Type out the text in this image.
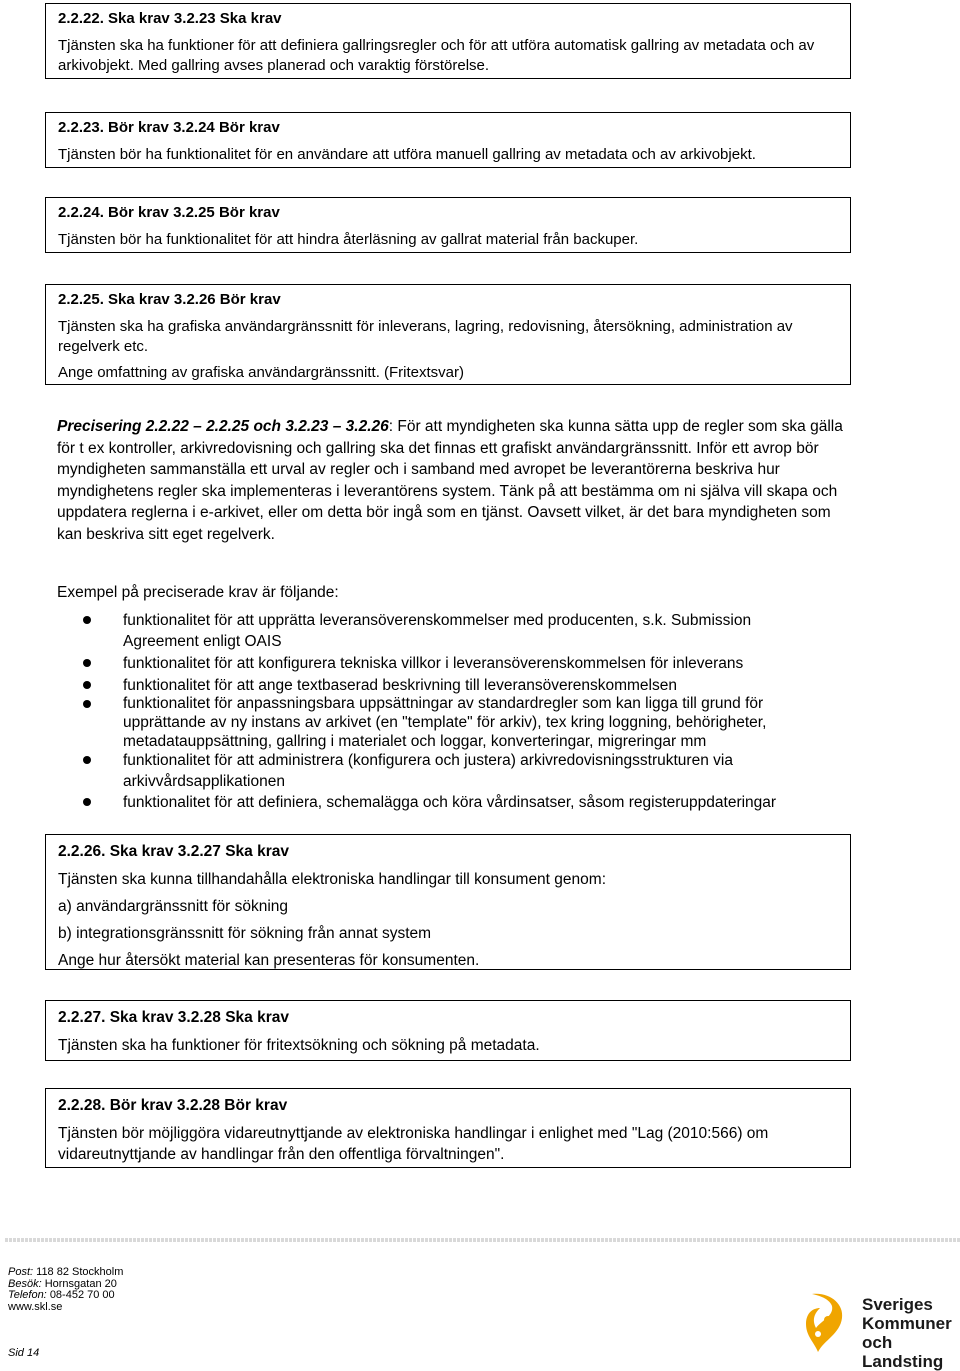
2.2.22. Ska krav 3.2.23 Ska krav

Tjänsten ska ha funktioner för att definiera gallringsregler och för att utföra automatisk gallring av metadata och av arkivobjekt. Med gallring avses planerad och varaktig förstörelse.

2.2.23. Bör krav 3.2.24 Bör krav

Tjänsten bör ha funktionalitet för en användare att utföra manuell gallring av metadata och av arkivobjekt.

2.2.24. Bör krav 3.2.25 Bör krav

Tjänsten bör ha funktionalitet för att hindra återläsning av gallrat material från backuper.

2.2.25. Ska krav 3.2.26 Bör krav

Tjänsten ska ha grafiska användargränssnitt för inleverans, lagring, redovisning, återsökning, administration av regelverk etc.

Ange omfattning av grafiska användargränssnitt. (Fritextsvar)

Precisering 2.2.22 – 2.2.25 och 3.2.23 – 3.2.26: För att myndigheten ska kunna sätta upp de regler som ska gälla för t ex kontroller, arkivredovisning och gallring ska det finnas ett grafiskt användargränssnitt. Inför ett avrop bör myndigheten sammanställa ett urval av regler och i samband med avropet be leverantörerna beskriva hur myndighetens regler ska implementeras i leverantörens system. Tänk på att bestämma om ni själva vill skapa och uppdatera reglerna i e-arkivet, eller om detta bör ingå som en tjänst. Oavsett vilket, är det bara myndigheten som kan beskriva sitt eget regelverk.
Exempel på preciserade krav är följande:
funktionalitet för att upprätta leveransöverenskommelser med producenten, s.k. Submission Agreement enligt OAIS
funktionalitet för att konfigurera tekniska villkor i leveransöverenskommelsen för inleverans
funktionalitet för att ange textbaserad beskrivning till leveransöverenskommelsen
funktionalitet för anpassningsbara uppsättningar av standardregler som kan ligga till grund för upprättande av ny instans av arkivet (en "template" för arkiv), tex kring loggning, behörigheter, metadatauppsättning, gallring i materialet och loggar, konverteringar, migreringar mm
funktionalitet för att administrera (konfigurera och justera) arkivredovisningsstrukturen via arkivvårdsapplikationen
funktionalitet för att definiera, schemalägga och köra vårdinsatser, såsom registeruppdateringar
2.2.26. Ska krav 3.2.27 Ska krav

Tjänsten ska kunna tillhandahålla elektroniska handlingar till konsument genom:

a) användargränssnitt för sökning

b) integrationsgränssnitt för sökning från annat system

Ange hur återsökt material kan presenteras för konsumenten.

2.2.27. Ska krav 3.2.28 Ska krav

Tjänsten ska ha funktioner för fritextsökning och sökning på metadata.

2.2.28. Bör krav 3.2.28 Bör krav

Tjänsten bör möjliggöra vidareutnyttjande av elektroniska handlingar i enlighet med "Lag (2010:566) om vidareutnyttjande av handlingar från den offentliga förvaltningen".

Post: 118 82 Stockholm
Besök: Hornsgatan 20
Telefon: 08-452 70 00
www.skl.se
Sid 14
Sveriges
Kommuner
och Landsting
